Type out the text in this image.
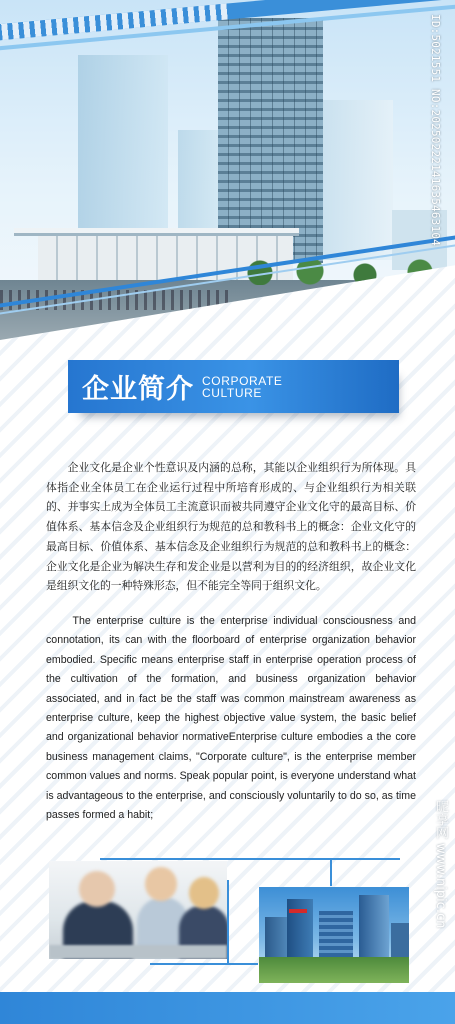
ID:5021551 NO:20250222141635463104
企业简介 CORPORATE
CULTURE

企业文化是企业个性意识及内涵的总称，其能以企业组织行为所体现。具体指企业全体员工在企业运行过程中所培育形成的、与企业组织行为相关联的、并事实上成为全体员工主流意识而被共同遵守企业文化守的最高目标、价值体系、基本信念及企业组织行为规范的总和教科书上的概念：企业文化守的最高目标、价值体系、基本信念及企业组织行为规范的总和教科书上的概念：企业文化是企业为解决生存和发企业是以营利为目的的经济组织，故企业文化是组织文化的一种特殊形态，但不能完全等同于组织文化。

The enterprise culture is the enterprise individual consciousness and connotation, its can with the floorboard of enterprise organization behavior embodied. Specific means enterprise staff in enterprise operation process of the cultivation of the formation, and business organization behavior associated, and in fact be the staff was common mainstream awareness as enterprise culture, keep the highest objective value system, the basic belief and organizational behavior normativeEnterprise culture embodies a the core business management claims, "Corporate culture", is the enterprise member common values and norms. Speak popular point, is everyone understand what is advantageous to the enterprise, and consciously voluntarily to do so, as time passes formed a habit;	昵享网 www.nipic.cn
